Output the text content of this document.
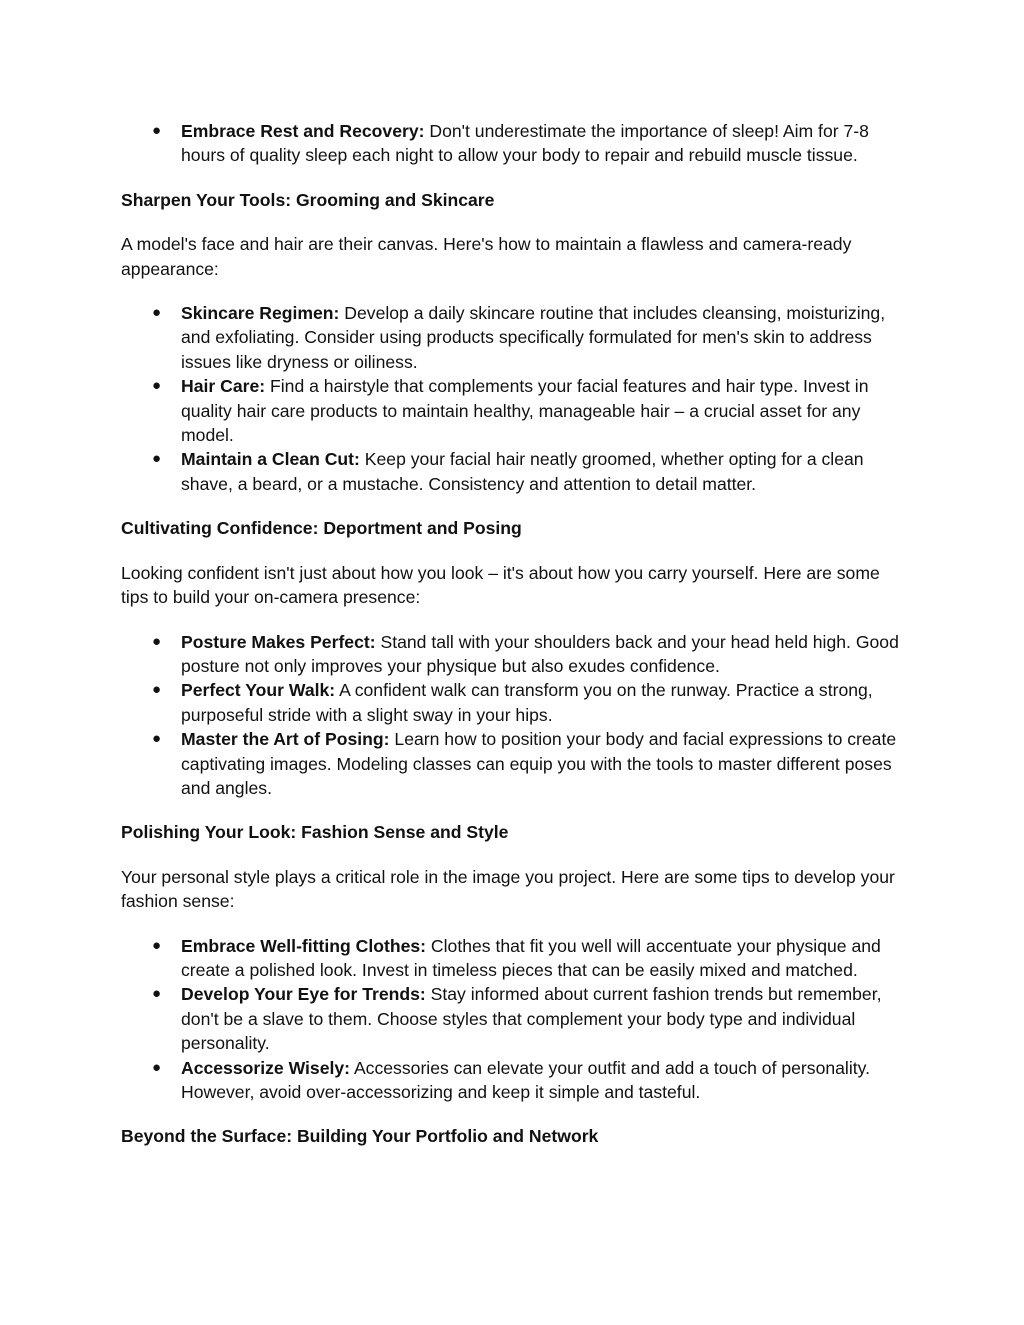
● Embrace Rest and Recovery: Don't underestimate the importance of sleep! Aim for 7-8 hours of quality sleep each night to allow your body to repair and rebuild muscle tissue.

Sharpen Your Tools: Grooming and Skincare

A model's face and hair are their canvas. Here's how to maintain a flawless and camera-ready appearance:

● Skincare Regimen: Develop a daily skincare routine that includes cleansing, moisturizing, and exfoliating. Consider using products specifically formulated for men's skin to address issues like dryness or oiliness.
● Hair Care: Find a hairstyle that complements your facial features and hair type. Invest in quality hair care products to maintain healthy, manageable hair – a crucial asset for any model.
● Maintain a Clean Cut: Keep your facial hair neatly groomed, whether opting for a clean shave, a beard, or a mustache. Consistency and attention to detail matter.

Cultivating Confidence: Deportment and Posing

Looking confident isn't just about how you look – it's about how you carry yourself. Here are some tips to build your on-camera presence:

● Posture Makes Perfect: Stand tall with your shoulders back and your head held high. Good posture not only improves your physique but also exudes confidence.
● Perfect Your Walk: A confident walk can transform you on the runway. Practice a strong, purposeful stride with a slight sway in your hips.
● Master the Art of Posing: Learn how to position your body and facial expressions to create captivating images. Modeling classes can equip you with the tools to master different poses and angles.

Polishing Your Look: Fashion Sense and Style

Your personal style plays a critical role in the image you project. Here are some tips to develop your fashion sense:

● Embrace Well-fitting Clothes: Clothes that fit you well will accentuate your physique and create a polished look. Invest in timeless pieces that can be easily mixed and matched.
● Develop Your Eye for Trends: Stay informed about current fashion trends but remember, don't be a slave to them. Choose styles that complement your body type and individual personality.
● Accessorize Wisely: Accessories can elevate your outfit and add a touch of personality. However, avoid over-accessorizing and keep it simple and tasteful.

Beyond the Surface: Building Your Portfolio and Network
